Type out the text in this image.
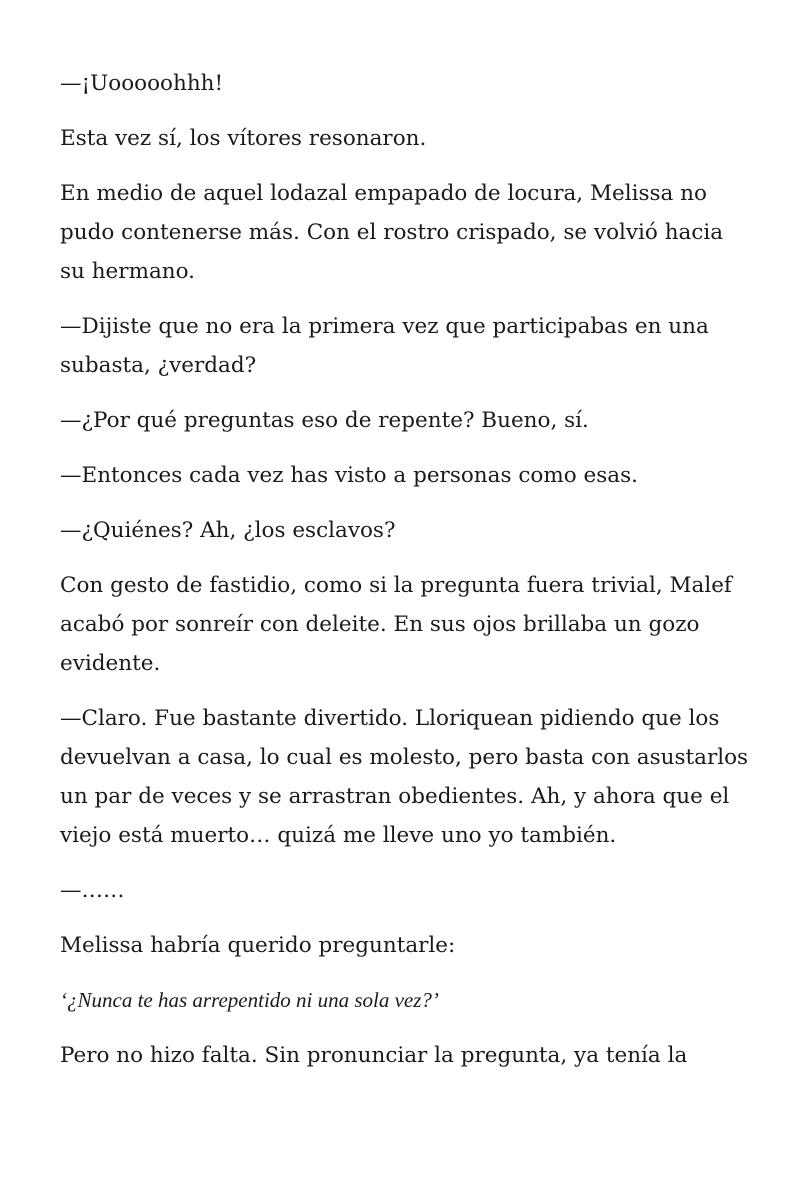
—¡Uooooohhh!

Esta vez sí, los vítores resonaron.

En medio de aquel lodazal empapado de locura, Melissa no pudo contenerse más. Con el rostro crispado, se volvió hacia su hermano.

—Dijiste que no era la primera vez que participabas en una subasta, ¿verdad?

—¿Por qué preguntas eso de repente? Bueno, sí.

—Entonces cada vez has visto a personas como esas.

—¿Quiénes? Ah, ¿los esclavos?

Con gesto de fastidio, como si la pregunta fuera trivial, Malef acabó por sonreír con deleite. En sus ojos brillaba un gozo evidente.

—Claro. Fue bastante divertido. Lloriquean pidiendo que los devuelvan a casa, lo cual es molesto, pero basta con asustarlos un par de veces y se arrastran obedientes. Ah, y ahora que el viejo está muerto… quizá me lleve uno yo también.

—……

Melissa habría querido preguntarle:

‘¿Nunca te has arrepentido ni una sola vez?’

Pero no hizo falta. Sin pronunciar la pregunta, ya tenía la
